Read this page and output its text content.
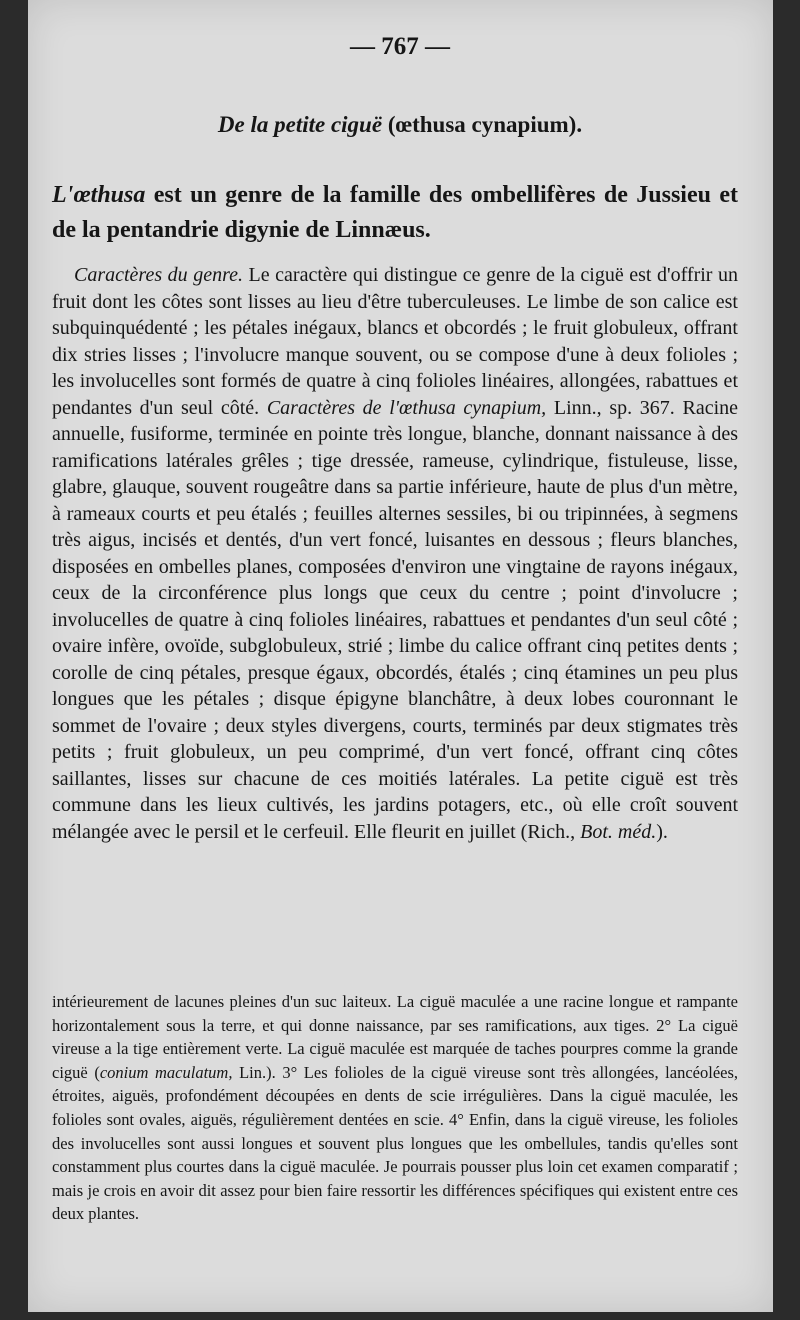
— 767 —
De la petite ciguë (œthusa cynapium).
L'œthusa est un genre de la famille des ombellifères de Jussieu et de la pentandrie digynie de Linnæus.
Caractères du genre. Le caractère qui distingue ce genre de la ciguë est d'offrir un fruit dont les côtes sont lisses au lieu d'être tuberculeuses. Le limbe de son calice est subquinquédenté ; les pétales inégaux, blancs et obcordés ; le fruit globuleux, offrant dix stries lisses ; l'involucre manque souvent, ou se compose d'une à deux folioles ; les involucelles sont formés de quatre à cinq folioles linéaires, allongées, rabattues et pendantes d'un seul côté. Caractères de l'œthusa cynapium, Linn., sp. 367. Racine annuelle, fusiforme, terminée en pointe très longue, blanche, donnant naissance à des ramifications latérales grêles ; tige dressée, rameuse, cylindrique, fistuleuse, lisse, glabre, glauque, souvent rougeâtre dans sa partie inférieure, haute de plus d'un mètre, à rameaux courts et peu étalés ; feuilles alternes sessiles, bi ou tripinnées, à segmens très aigus, incisés et dentés, d'un vert foncé, luisantes en dessous ; fleurs blanches, disposées en ombelles planes, composées d'environ une vingtaine de rayons inégaux, ceux de la circonférence plus longs que ceux du centre ; point d'involucre ; involucelles de quatre à cinq folioles linéaires, rabattues et pendantes d'un seul côté ; ovaire infère, ovoïde, subglobuleux, strié ; limbe du calice offrant cinq petites dents ; corolle de cinq pétales, presque égaux, obcordés, étalés ; cinq étamines un peu plus longues que les pétales ; disque épigyne blanchâtre, à deux lobes couronnant le sommet de l'ovaire ; deux styles divergens, courts, terminés par deux stigmates très petits ; fruit globuleux, un peu comprimé, d'un vert foncé, offrant cinq côtes saillantes, lisses sur chacune de ces moitiés latérales. La petite ciguë est très commune dans les lieux cultivés, les jardins potagers, etc., où elle croît souvent mélangée avec le persil et le cerfeuil. Elle fleurit en juillet (Rich., Bot. méd.).
intérieurement de lacunes pleines d'un suc laiteux. La ciguë maculée a une racine longue et rampante horizontalement sous la terre, et qui donne naissance, par ses ramifications, aux tiges. 2° La ciguë vireuse a la tige entièrement verte. La ciguë maculée est marquée de taches pourpres comme la grande ciguë (conium maculatum, Lin.). 3° Les folioles de la ciguë vireuse sont très allongées, lancéolées, étroites, aiguës, profondément découpées en dents de scie irrégulières. Dans la ciguë maculée, les folioles sont ovales, aiguës, régulièrement dentées en scie. 4° Enfin, dans la ciguë vireuse, les folioles des involucelles sont aussi longues et souvent plus longues que les ombellules, tandis qu'elles sont constamment plus courtes dans la ciguë maculée. Je pourrais pousser plus loin cet examen comparatif ; mais je crois en avoir dit assez pour bien faire ressortir les différences spécifiques qui existent entre ces deux plantes.
